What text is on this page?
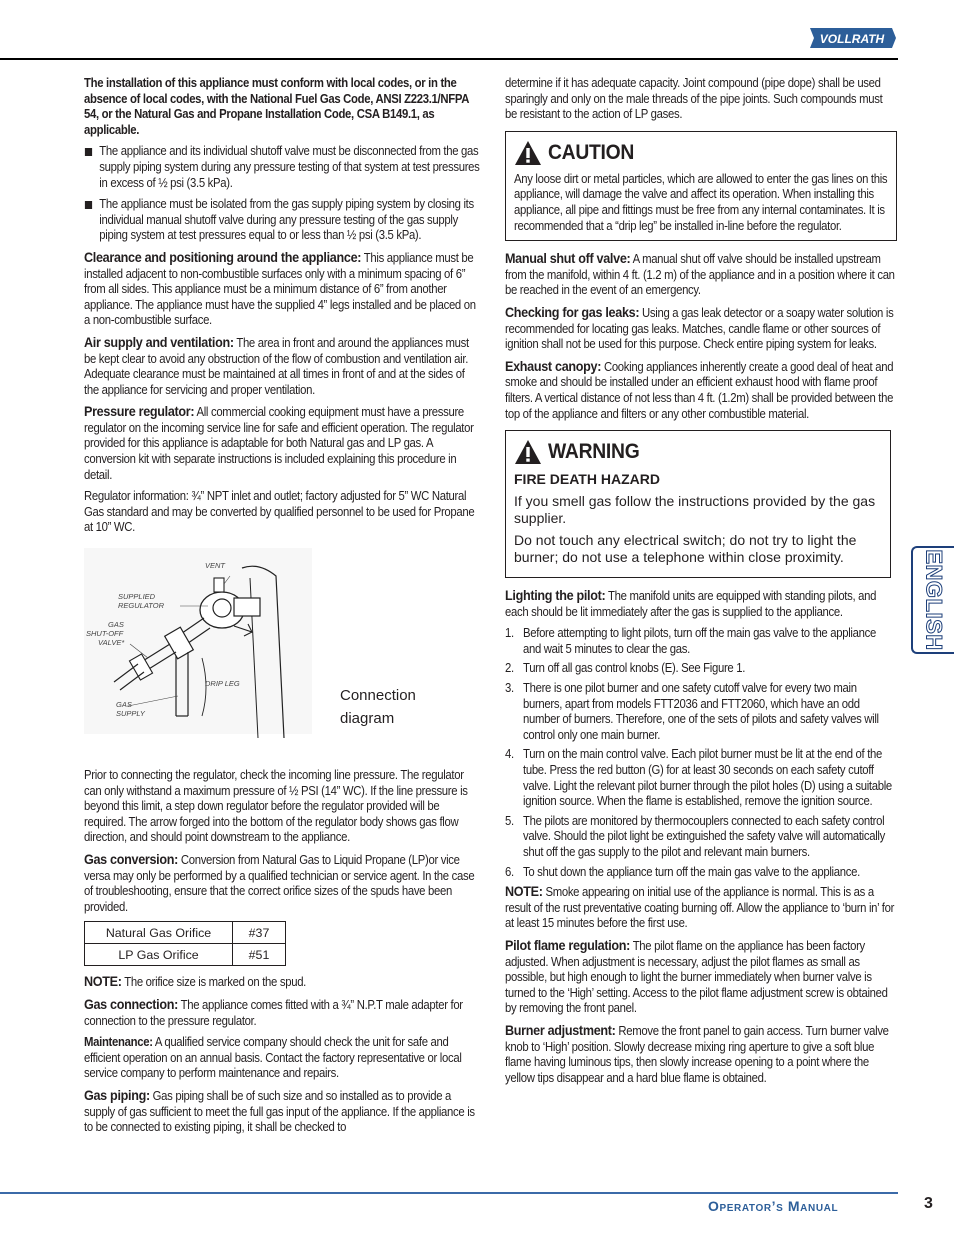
VOLLRATH
The installation of this appliance must conform with local codes, or in the absence of local codes, with the National Fuel Gas Code, ANSI Z223.1/NFPA 54, or the Natural Gas and Propane Installation Code, CSA B149.1, as applicable.
The appliance and its individual shutoff valve must be disconnected from the gas supply piping system during any pressure testing of that system at test pressures in excess of ½ psi (3.5 kPa).
The appliance must be isolated from the gas supply piping system by closing its individual manual shutoff valve during any pressure testing of the gas supply piping system at test pressures equal to or less than ½ psi (3.5 kPa).
Clearance and positioning around the appliance: This appliance must be installed adjacent to non-combustible surfaces only with a minimum spacing of 6” from all sides. This appliance must be a minimum distance of 6” from another appliance. The appliance must have the supplied 4” legs installed and be placed on a non-combustible surface.
Air supply and ventilation: The area in front and around the appliances must be kept clear to avoid any obstruction of the flow of combustion and ventilation air. Adequate clearance must be maintained at all times in front of and at the sides of the appliance for servicing and proper ventilation.
Pressure regulator: All commercial cooking equipment must have a pressure regulator on the incoming service line for safe and efficient operation. The regulator provided for this appliance is adaptable for both Natural gas and LP gas. A conversion kit with separate instructions is included explaining this procedure in detail.
Regulator information: ¾” NPT inlet and outlet; factory adjusted for 5” WC Natural Gas standard and may be converted by qualified personnel to be used for Propane at 10” WC.
VENT
SUPPLIED
REGULATOR
GAS
SHUT-OFF
VALVE*
DRIP LEG
GAS
SUPPLY
Connection
diagram
Prior to connecting the regulator, check the incoming line pressure. The regulator can only withstand a maximum pressure of ½ PSI (14” WC). If the line pressure is beyond this limit, a step down regulator before the regulator provided will be required. The arrow forged into the bottom of the regulator body shows gas flow direction, and should point downstream to the appliance.
Gas conversion: Conversion from Natural Gas to Liquid Propane (LP)or vice versa may only be performed by a qualified technician or service agent. In the case of troubleshooting, ensure that the correct orifice sizes of the spuds have been provided.
Natural Gas Orifice	#37
LP Gas Orifice	#51
NOTE: The orifice size is marked on the spud.
Gas connection: The appliance comes fitted with a ¾” N.P.T male adapter for connection to the pressure regulator.
Maintenance: A qualified service company should check the unit for safe and efficient operation on an annual basis. Contact the factory representative or local service company to perform maintenance and repairs.
Gas piping: Gas piping shall be of such size and so installed as to provide a supply of gas sufficient to meet the full gas input of the appliance. If the appliance is to be connected to existing piping, it shall be checked to
determine if it has adequate capacity. Joint compound (pipe dope) shall be used sparingly and only on the male threads of the pipe joints. Such compounds must be resistant to the action of LP gases.
CAUTION
Any loose dirt or metal particles, which are allowed to enter the gas lines on this appliance, will damage the valve and affect its operation. When installing this appliance, all pipe and fittings must be free from any internal contaminates. It is recommended that a “drip leg” be installed in-line before the regulator.
Manual shut off valve: A manual shut off valve should be installed upstream from the manifold, within 4 ft. (1.2 m) of the appliance and in a position where it can be reached in the event of an emergency.
Checking for gas leaks: Using a gas leak detector or a soapy water solution is recommended for locating gas leaks. Matches, candle flame or other sources of ignition shall not be used for this purpose. Check entire piping system for leaks.
Exhaust canopy: Cooking appliances inherently create a good deal of heat and smoke and should be installed under an efficient exhaust hood with flame proof filters. A vertical distance of not less than 4 ft. (1.2m) shall be provided between the top of the appliance and filters or any other combustible material.
WARNING
FIRE DEATH HAZARD
If you smell gas follow the instructions provided by the gas supplier.
Do not touch any electrical switch; do not try to light the burner; do not use a telephone within close proximity.
Lighting the pilot: The manifold units are equipped with standing pilots, and each should be lit immediately after the gas is supplied to the appliance.
1. Before attempting to light pilots, turn off the main gas valve to the appliance and wait 5 minutes to clear the gas.
2. Turn off all gas control knobs (E). See Figure 1.
3. There is one pilot burner and one safety cutoff valve for every two main burners, apart from models FTT2036 and FTT2060, which have an odd number of burners. Therefore, one of the sets of pilots and safety valves will control only one main burner.
4. Turn on the main control valve. Each pilot burner must be lit at the end of the tube. Press the red button (G) for at least 30 seconds on each safety cutoff valve. Light the relevant pilot burner through the pilot holes (D) using a suitable ignition source. When the flame is established, remove the ignition source.
5. The pilots are monitored by thermocouplers connected to each safety control valve. Should the pilot light be extinguished the safety valve will automatically shut off the gas supply to the pilot and relevant main burners.
6. To shut down the appliance turn off the main gas valve to the appliance.
NOTE: Smoke appearing on initial use of the appliance is normal. This is as a result of the rust preventative coating burning off. Allow the appliance to ‘burn in’ for at least 15 minutes before the first use.
Pilot flame regulation: The pilot flame on the appliance has been factory adjusted. When adjustment is necessary, adjust the pilot flames as small as possible, but high enough to light the burner immediately when burner valve is turned to the ‘High’ setting. Access to the pilot flame adjustment screw is obtained by removing the front panel.
Burner adjustment: Remove the front panel to gain access. Turn burner valve knob to ‘High’ position. Slowly decrease mixing ring aperture to give a soft blue flame having luminous tips, then slowly increase opening to a point where the yellow tips disappear and a hard blue flame is obtained.
ENGLISH
Operator’s Manual	3
